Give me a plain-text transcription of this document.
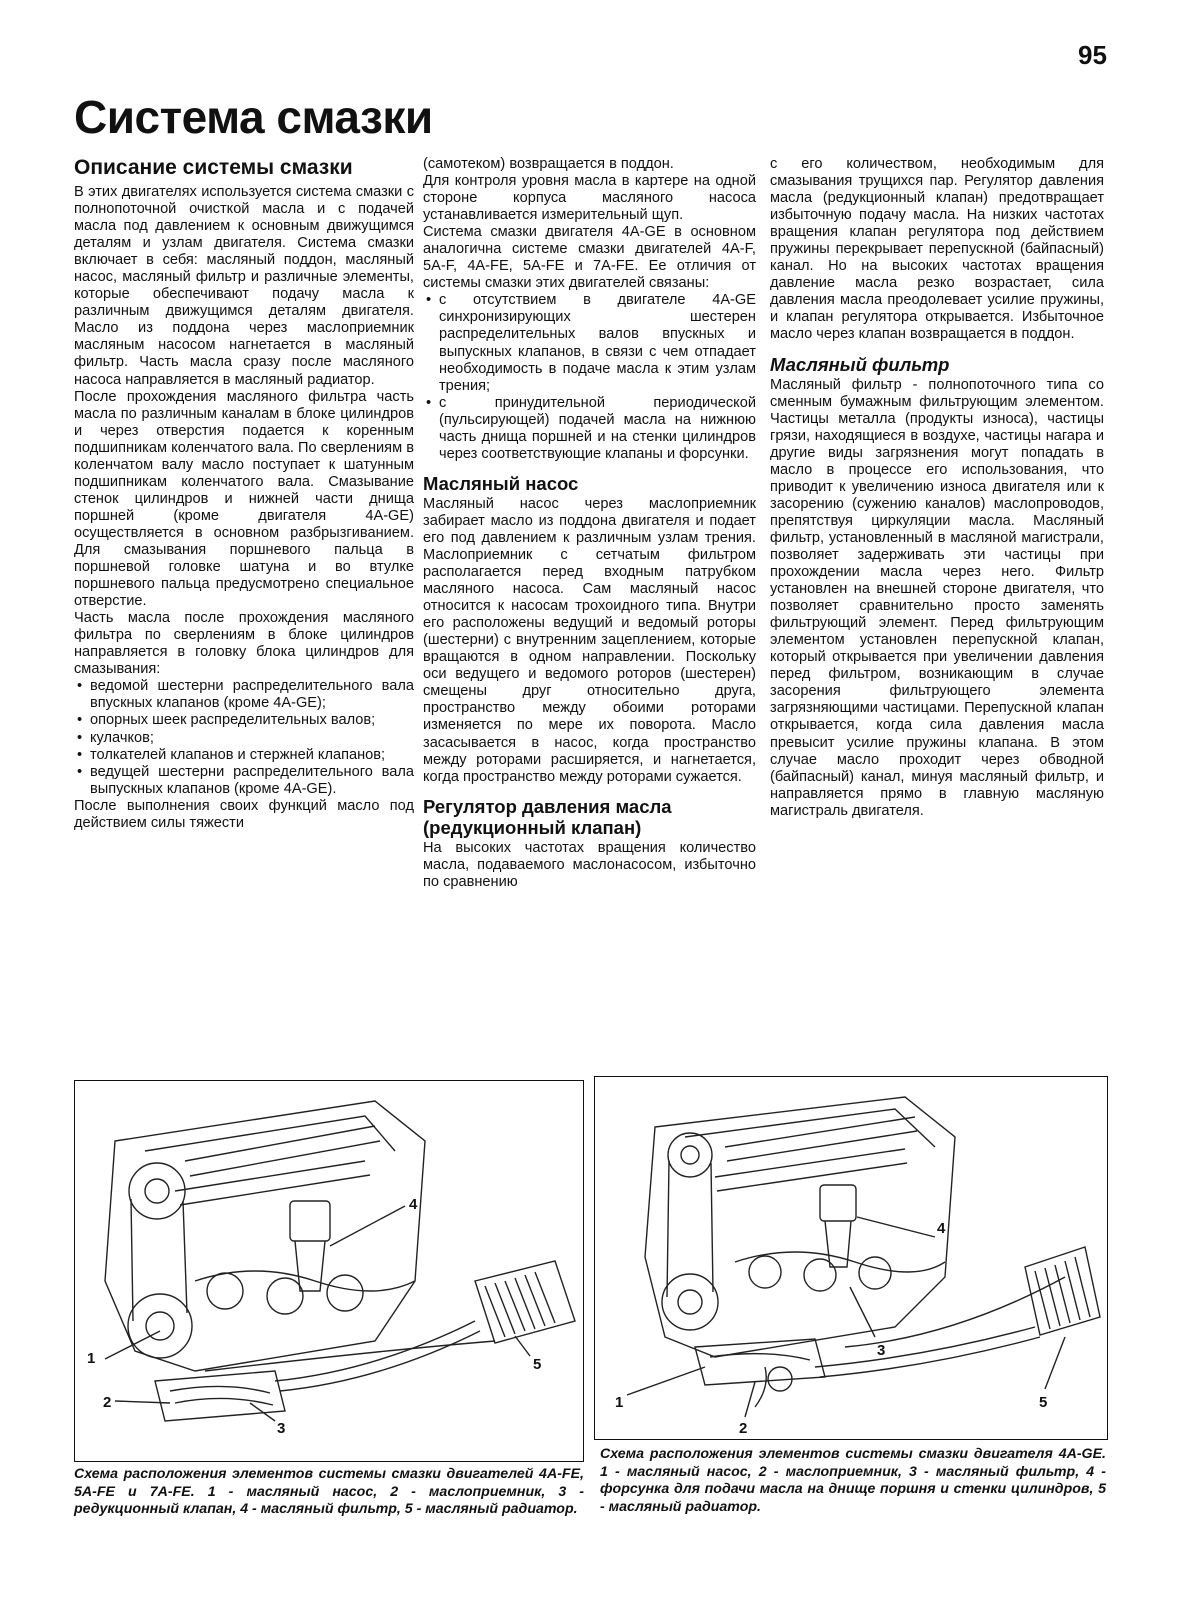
95
Система смазки
Описание системы смазки

В этих двигателях используется система смазки с полнопоточной очисткой масла и с подачей масла под давлением к основным движущимся деталям и узлам двигателя. Система смазки включает в себя: масляный поддон, масляный насос, масляный фильтр и различные элементы, которые обеспечивают подачу масла к различным движущимся деталям двигателя. Масло из поддона через маслоприемник масляным насосом нагнетается в масляный фильтр. Часть масла сразу после масляного насоса направляется в масляный радиатор.

После прохождения масляного фильтра часть масла по различным каналам в блоке цилиндров и через отверстия подается к коренным подшипникам коленчатого вала. По сверлениям в коленчатом валу масло поступает к шатунным подшипникам коленчатого вала. Смазывание стенок цилиндров и нижней части днища поршней (кроме двигателя 4A-GE) осуществляется в основном разбрызгиванием. Для смазывания поршневого пальца в поршневой головке шатуна и во втулке поршневого пальца предусмотрено специальное отверстие.

Часть масла после прохождения масляного фильтра по сверлениям в блоке цилиндров направляется в головку блока цилиндров для смазывания:

• ведомой шестерни распределительного вала впускных клапанов (кроме 4A-GE);
• опорных шеек распределительных валов;
• кулачков;
• толкателей клапанов и стержней клапанов;
• ведущей шестерни распределительного вала выпускных клапанов (кроме 4A-GE).

После выполнения своих функций масло под действием силы тяжести

(самотеком) возвращается в поддон.

Для контроля уровня масла в картере на одной стороне корпуса масляного насоса устанавливается измерительный щуп.

Система смазки двигателя 4A-GE в основном аналогична системе смазки двигателей 4A-F, 5A-F, 4A-FE, 5A-FE и 7A-FE. Ее отличия от системы смазки этих двигателей связаны:

• с отсутствием в двигателе 4A-GE синхронизирующих шестерен распределительных валов впускных и выпускных клапанов, в связи с чем отпадает необходимость в подаче масла к этим узлам трения;
• с принудительной периодической (пульсирующей) подачей масла на нижнюю часть днища поршней и на стенки цилиндров через соответствующие клапаны и форсунки.
Масляный насос

Масляный насос через маслоприемник забирает масло из поддона двигателя и подает его под давлением к различным узлам трения. Маслоприемник с сетчатым фильтром располагается перед входным патрубком масляного насоса. Сам масляный насос относится к насосам трохоидного типа. Внутри его расположены ведущий и ведомый роторы (шестерни) с внутренним зацеплением, которые вращаются в одном направлении. Поскольку оси ведущего и ведомого роторов (шестерен) смещены друг относительно друга, пространство между обоими роторами изменяется по мере их поворота. Масло засасывается в насос, когда пространство между роторами расширяется, и нагнетается, когда пространство между роторами сужается.

Регулятор давления масла (редукционный клапан)

На высоких частотах вращения количество масла, подаваемого маслонасосом, избыточно по сравнению

с его количеством, необходимым для смазывания трущихся пар. Регулятор давления масла (редукционный клапан) предотвращает избыточную подачу масла. На низких частотах вращения клапан регулятора под действием пружины перекрывает перепускной (байпасный) канал. Но на высоких частотах вращения давление масла резко возрастает, сила давления масла преодолевает усилие пружины, и клапан регулятора открывается. Избыточное масло через клапан возвращается в поддон.

Масляный фильтр

Масляный фильтр - полнопоточного типа со сменным бумажным фильтрующим элементом. Частицы металла (продукты износа), частицы грязи, находящиеся в воздухе, частицы нагара и другие виды загрязнения могут попадать в масло в процессе его использования, что приводит к увеличению износа двигателя или к засорению (сужению каналов) маслопроводов, препятствуя циркуляции масла. Масляный фильтр, установленный в масляной магистрали, позволяет задерживать эти частицы при прохождении масла через него. Фильтр установлен на внешней стороне двигателя, что позволяет сравнительно просто заменять фильтрующий элемент. Перед фильтрующим элементом установлен перепускной клапан, который открывается при увеличении давления перед фильтром, возникающим в случае засорения фильтрующего элемента загрязняющими частицами. Перепускной клапан открывается, когда сила давления масла превысит усилие пружины клапана. В этом случае масло проходит через обводной (байпасный) канал, минуя масляный фильтр, и направляется прямо в главную масляную магистраль двигателя.

1
2
3
4
5
1
2
3
4
5
Схема расположения элементов системы смазки двигателей 4A-FE, 5A-FE и 7A-FE. 1 - масляный насос, 2 - маслоприемник, 3 - редукционный клапан, 4 - масляный фильтр, 5 - масляный радиатор.
Схема расположения элементов системы смазки двигателя 4A-GE. 1 - масляный насос, 2 - маслоприемник, 3 - масляный фильтр, 4 - форсунка для подачи масла на днище поршня и стенки цилиндров, 5 - масляный радиатор.
